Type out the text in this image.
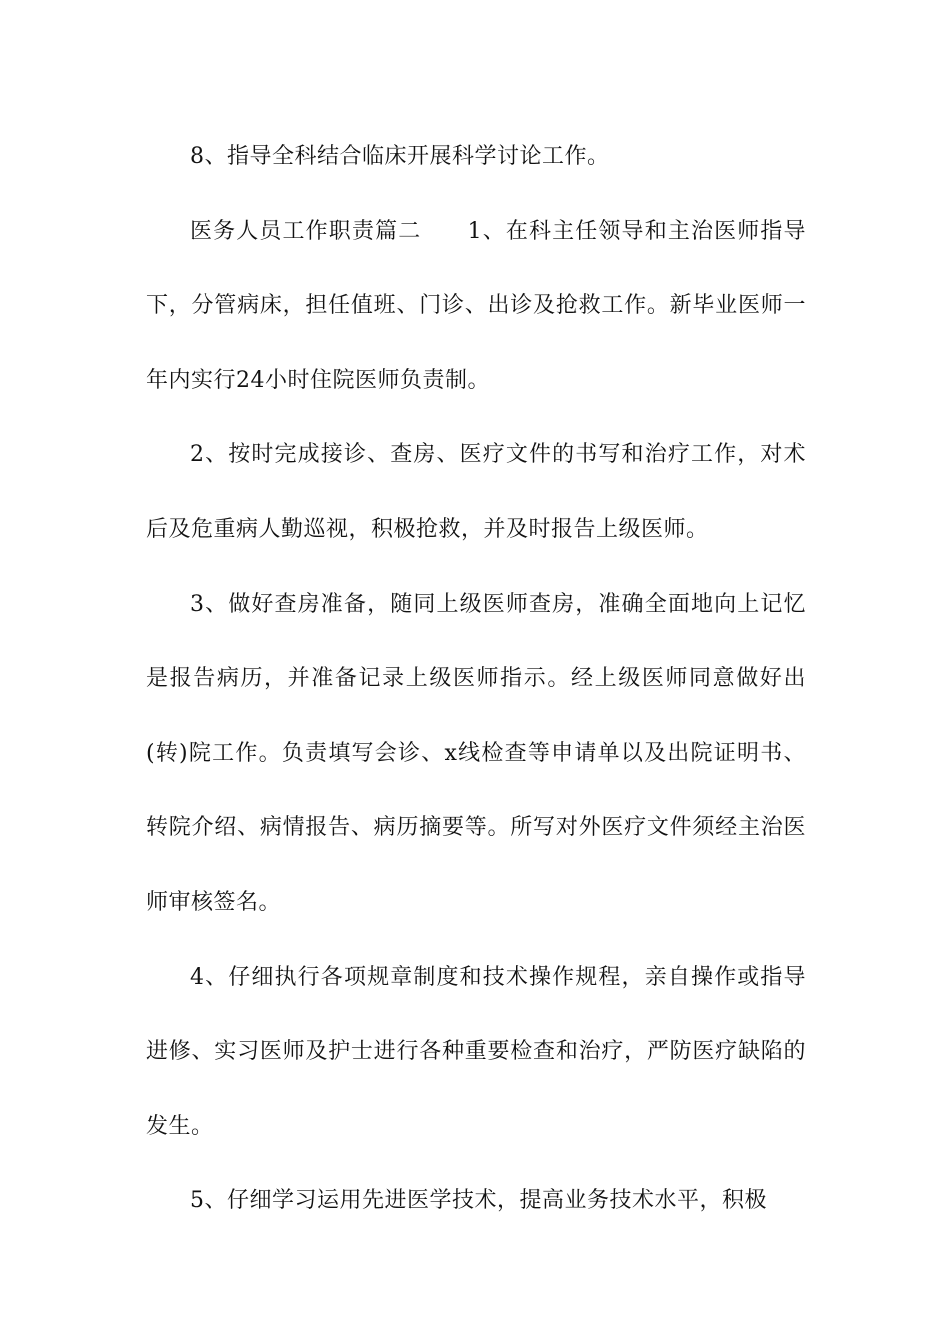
8、指导全科结合临床开展科学讨论工作。

医务人员工作职责篇二　　1、在科主任领导和主治医师指导下，分管病床，担任值班、门诊、出诊及抢救工作。新毕业医师一年内实行24小时住院医师负责制。

2、按时完成接诊、查房、医疗文件的书写和治疗工作，对术后及危重病人勤巡视，积极抢救，并及时报告上级医师。

3、做好查房准备，随同上级医师查房，准确全面地向上记忆是报告病历，并准备记录上级医师指示。经上级医师同意做好出(转)院工作。负责填写会诊、x线检查等申请单以及出院证明书、转院介绍、病情报告、病历摘要等。所写对外医疗文件须经主治医师审核签名。

4、仔细执行各项规章制度和技术操作规程，亲自操作或指导进修、实习医师及护士进行各种重要检查和治疗，严防医疗缺陷的发生。

5、仔细学习运用先进医学技术，提高业务技术水平，积极
